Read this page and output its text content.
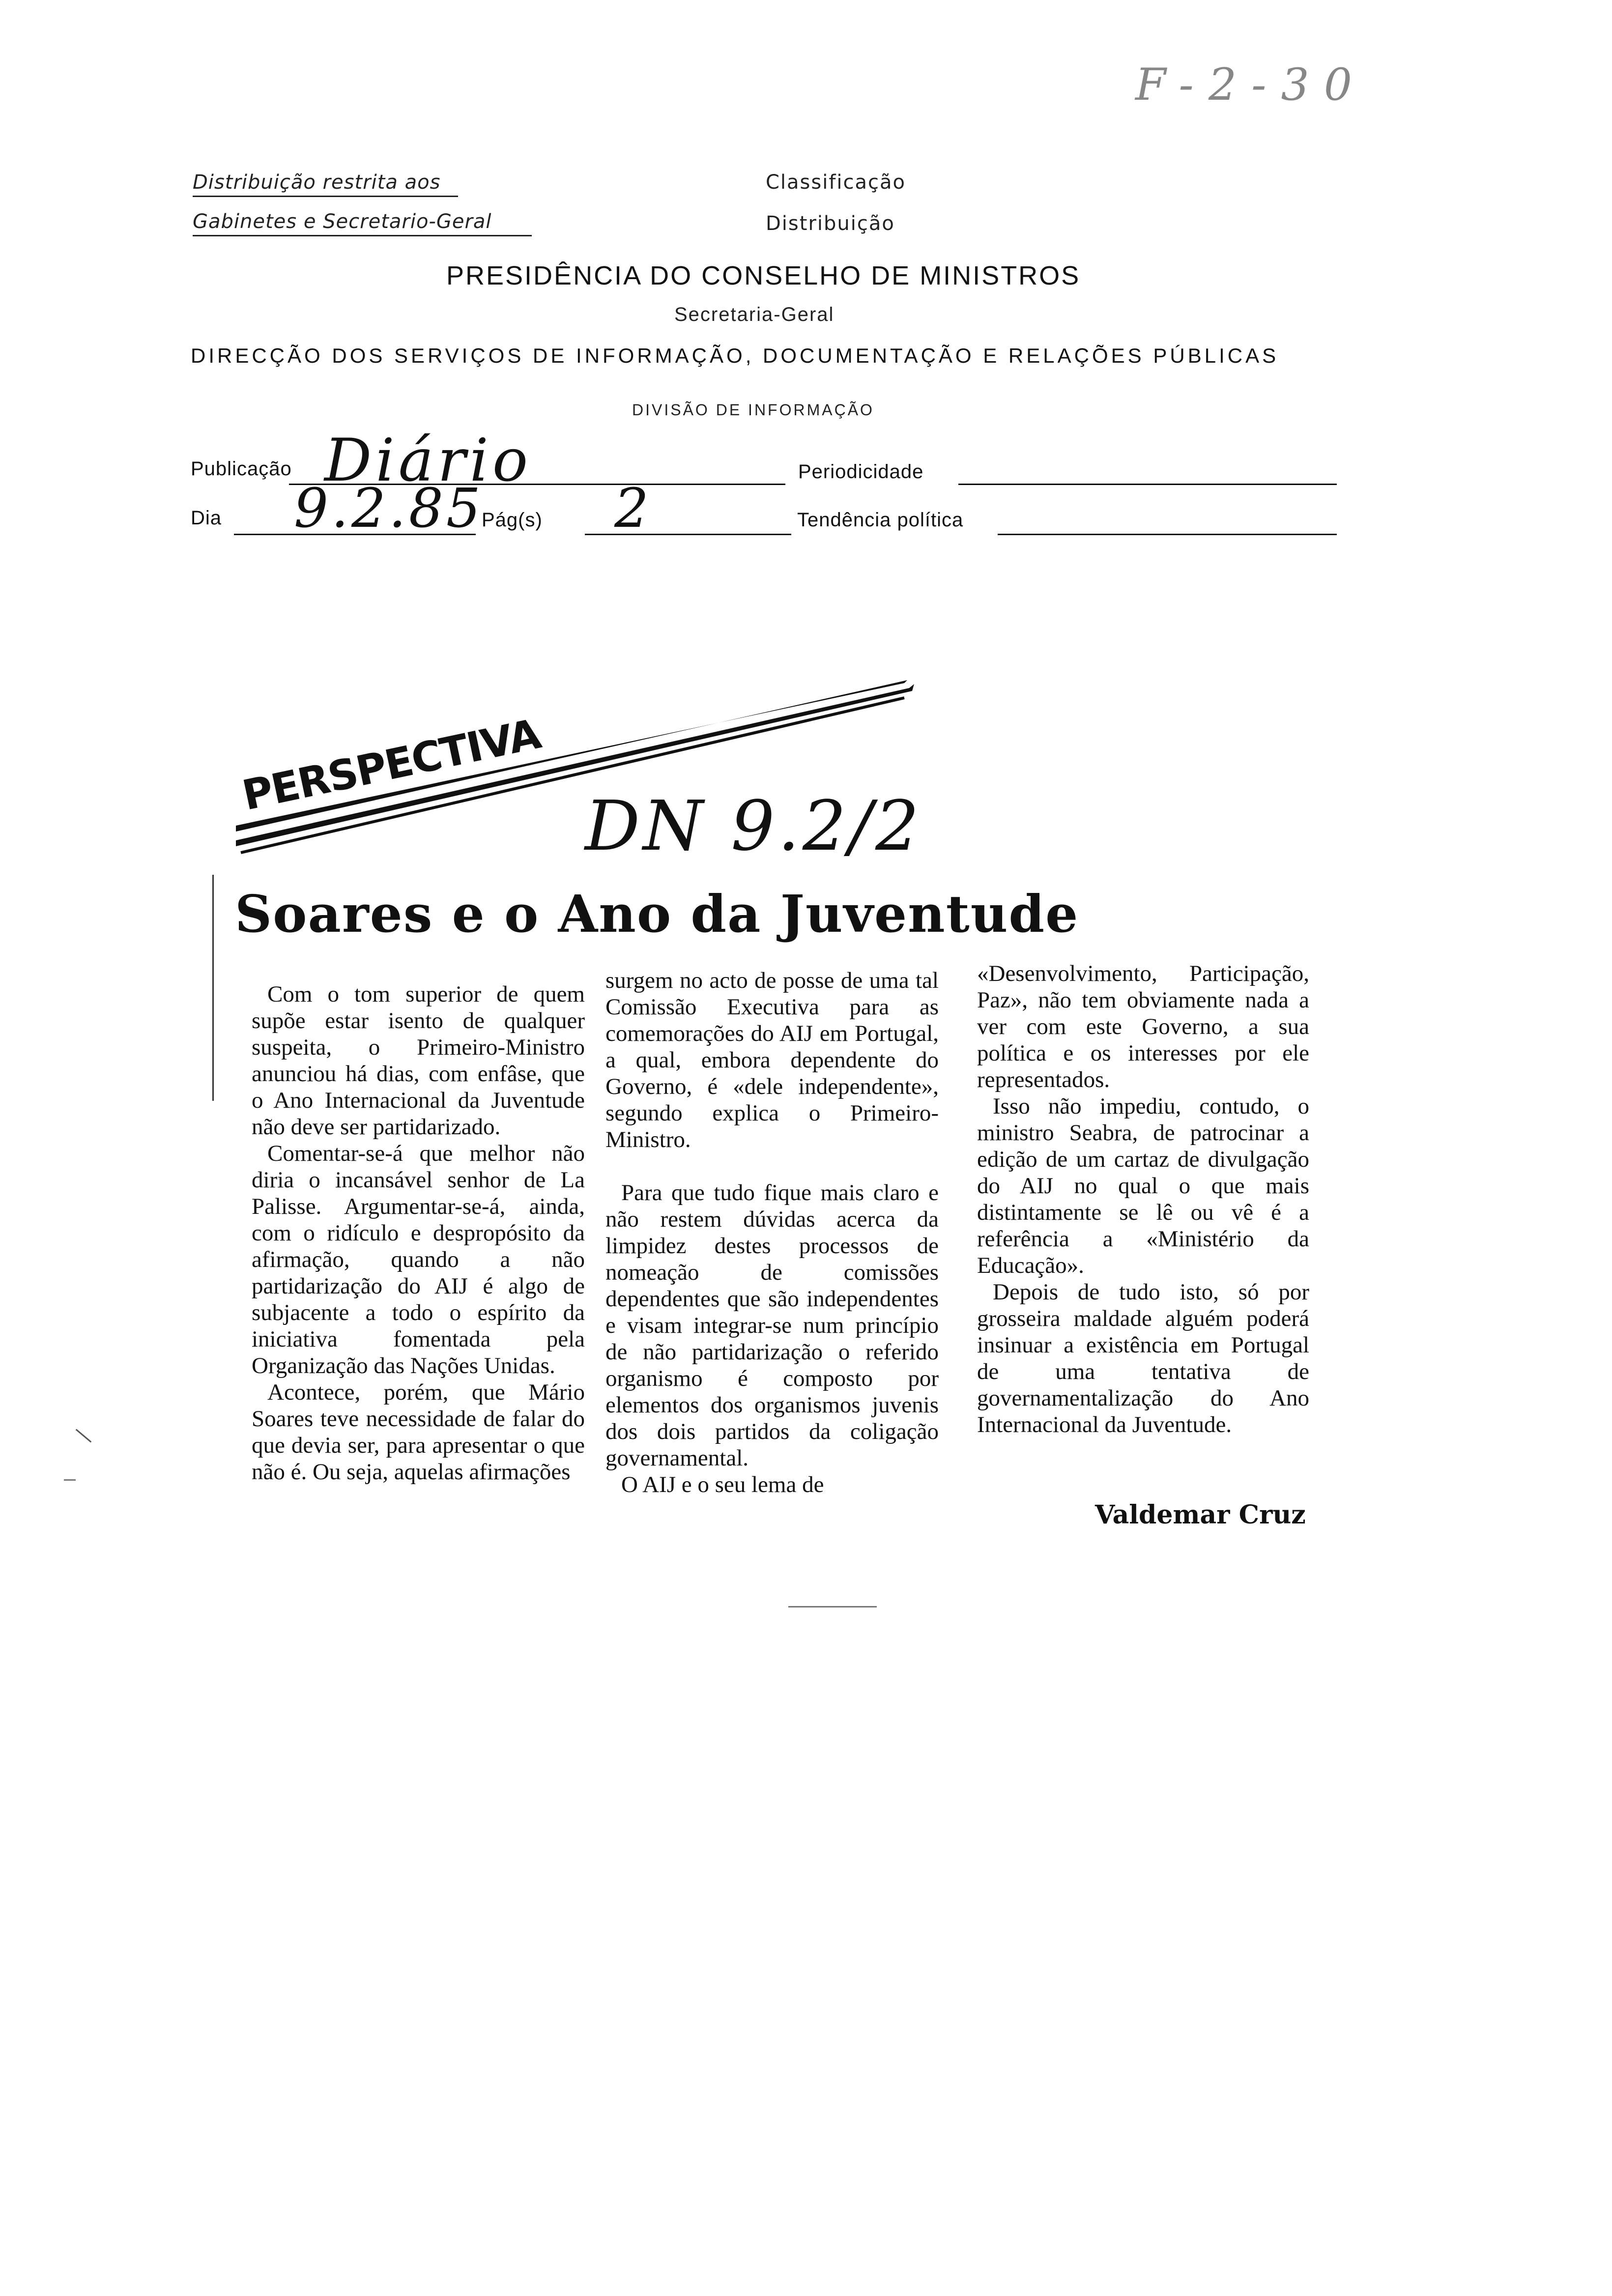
F-2-30
Distribuição restrita aos
Gabinetes e Secretario-Geral
Classificação
Distribuição
PRESIDÊNCIA DO CONSELHO DE MINISTROS
Secretaria-Geral
DIRECÇÃO DOS SERVIÇOS DE INFORMAÇÃO, DOCUMENTAÇÃO E RELAÇÕES PÚBLICAS
DIVISÃO DE INFORMAÇÃO
Publicação Diário	Periodicidade
Dia 9.2.85
Pág(s) 2	Tendência política
PERSPECTIVA
DN 9.2/2
Soares e o Ano da Juventude

Com o tom superior de quem supõe estar isento de qualquer suspeita, o Primeiro-Ministro anunciou há dias, com enfâse, que o Ano Internacional da Juventude não deve ser partidarizado.

Comentar-se-á que melhor não diria o incansável senhor de La Palisse. Argumentar-se-á, ainda, com o ridículo e despropósito da afirmação, quando a não partidarização do AIJ é algo de subjacente a todo o espírito da iniciativa fomentada pela Organização das Nações Unidas.

Acontece, porém, que Mário Soares teve necessidade de falar do que devia ser, para apresentar o que não é. Ou seja, aquelas afirmações

surgem no acto de posse de uma tal Comissão Executiva para as comemorações do AIJ em Portugal, a qual, embora dependente do Governo, é «dele independente», segundo explica o Primeiro-Ministro.

Para que tudo fique mais claro e não restem dúvidas acerca da limpidez destes processos de nomeação de comissões dependentes que são independentes e visam integrar-se num princípio de não partidarização o referido organismo é composto por elementos dos organismos juvenis dos dois partidos da coligação governamental.

O AIJ e o seu lema de

«Desenvolvimento, Participação, Paz», não tem obviamente nada a ver com este Governo, a sua política e os interesses por ele representados.

Isso não impediu, contudo, o ministro Seabra, de patrocinar a edição de um cartaz de divulgação do AIJ no qual o que mais distintamente se lê ou vê é a referência a «Ministério da Educação».

Depois de tudo isto, só por grosseira maldade alguém poderá insinuar a existência em Portugal de uma tentativa de governamentalização do Ano Internacional da Juventude.

Valdemar Cruz
